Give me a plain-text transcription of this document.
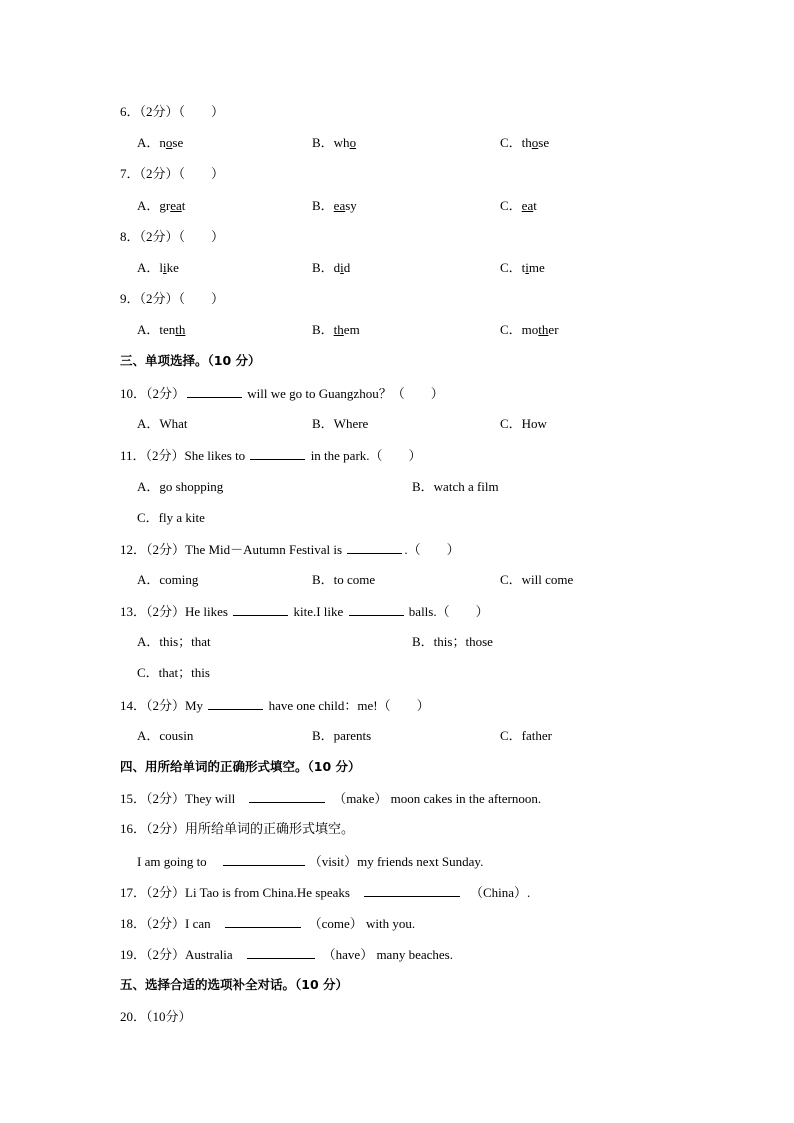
6．（2分）（　　）
A．nose	B．who	C．those
7．（2分）（　　）
A．great	B．easy	C．eat
8．（2分）（　　）
A．like	B．did	C．time
9．（2分）（　　）
A．tenth	B．them	C．mother
三、单项选择。（10 分）
10．（2分）	will we go to Guangzhou？（　　）
A．What	B．Where	C．How
11．（2分）She likes to	in the park.（　　）
A．go shopping	B．watch a film
C．fly a kite
12．（2分）The Mid－Autumn Festival is	.（　　）
A．coming	B．to come	C．will come
13．（2分）He likes	kite.I like	balls.（　　）
A．this；that	B．this；those
C．that；this
14．（2分）My	have one child：me!（　　）
A．cousin	B．parents	C．father
四、用所给单词的正确形式填空。（10 分）
15．（2分）They will	（make） moon cakes in the afternoon.
16．（2分）用所给单词的正确形式填空。
I am going to	（visit）my friends next Sunday.
17．（2分）Li Tao is from China.He speaks	（China）.
18．（2分）I can	（come） with you.
19．（2分）Australia	（have） many beaches.
五、选择合适的选项补全对话。（10 分）
20．（10分）
